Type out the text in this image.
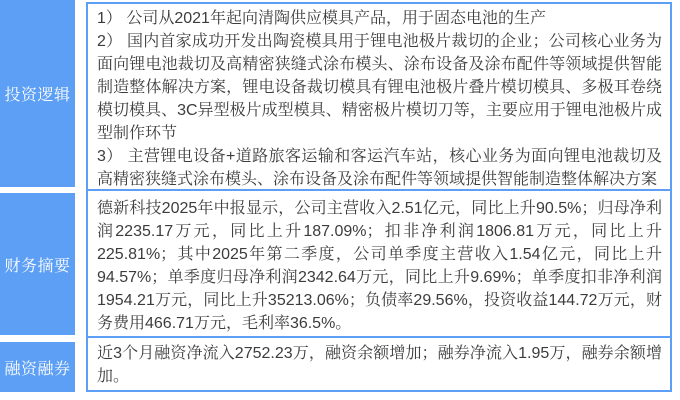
投资逻辑
财务摘要
融资融券

1） 公司从2021年起向清陶供应模具产品，用于固态电池的生产

2） 国内首家成功开发出陶瓷模具用于锂电池极片裁切的企业；公司核心业务为面向锂电池裁切及高精密狭缝式涂布模头、涂布设备及涂布配件等领域提供智能制造整体解决方案，锂电设备裁切模具有锂电池极片叠片模切模具、多极耳卷绕模切模具、3C异型极片成型模具、精密极片模切刀等，主要应用于锂电池极片成型制作环节

3） 主营锂电设备+道路旅客运输和客运汽车站，核心业务为面向锂电池裁切及高精密狭缝式涂布模头、涂布设备及涂布配件等领域提供智能制造整体解决方案

德新科技2025年中报显示，公司主营收入2.51亿元，同比上升90.5%；归母净利润2235.17万元，同比上升187.09%；扣非净利润1806.81万元，同比上升225.81%；其中2025年第二季度，公司单季度主营收入1.54亿元，同比上升94.57%；单季度归母净利润2342.64万元，同比上升9.69%；单季度扣非净利润1954.21万元，同比上升35213.06%；负债率29.56%，投资收益144.72万元，财务费用466.71万元，毛利率36.5%。

近3个月融资净流入2752.23万，融资余额增加；融券净流入1.95万，融券余额增加。
